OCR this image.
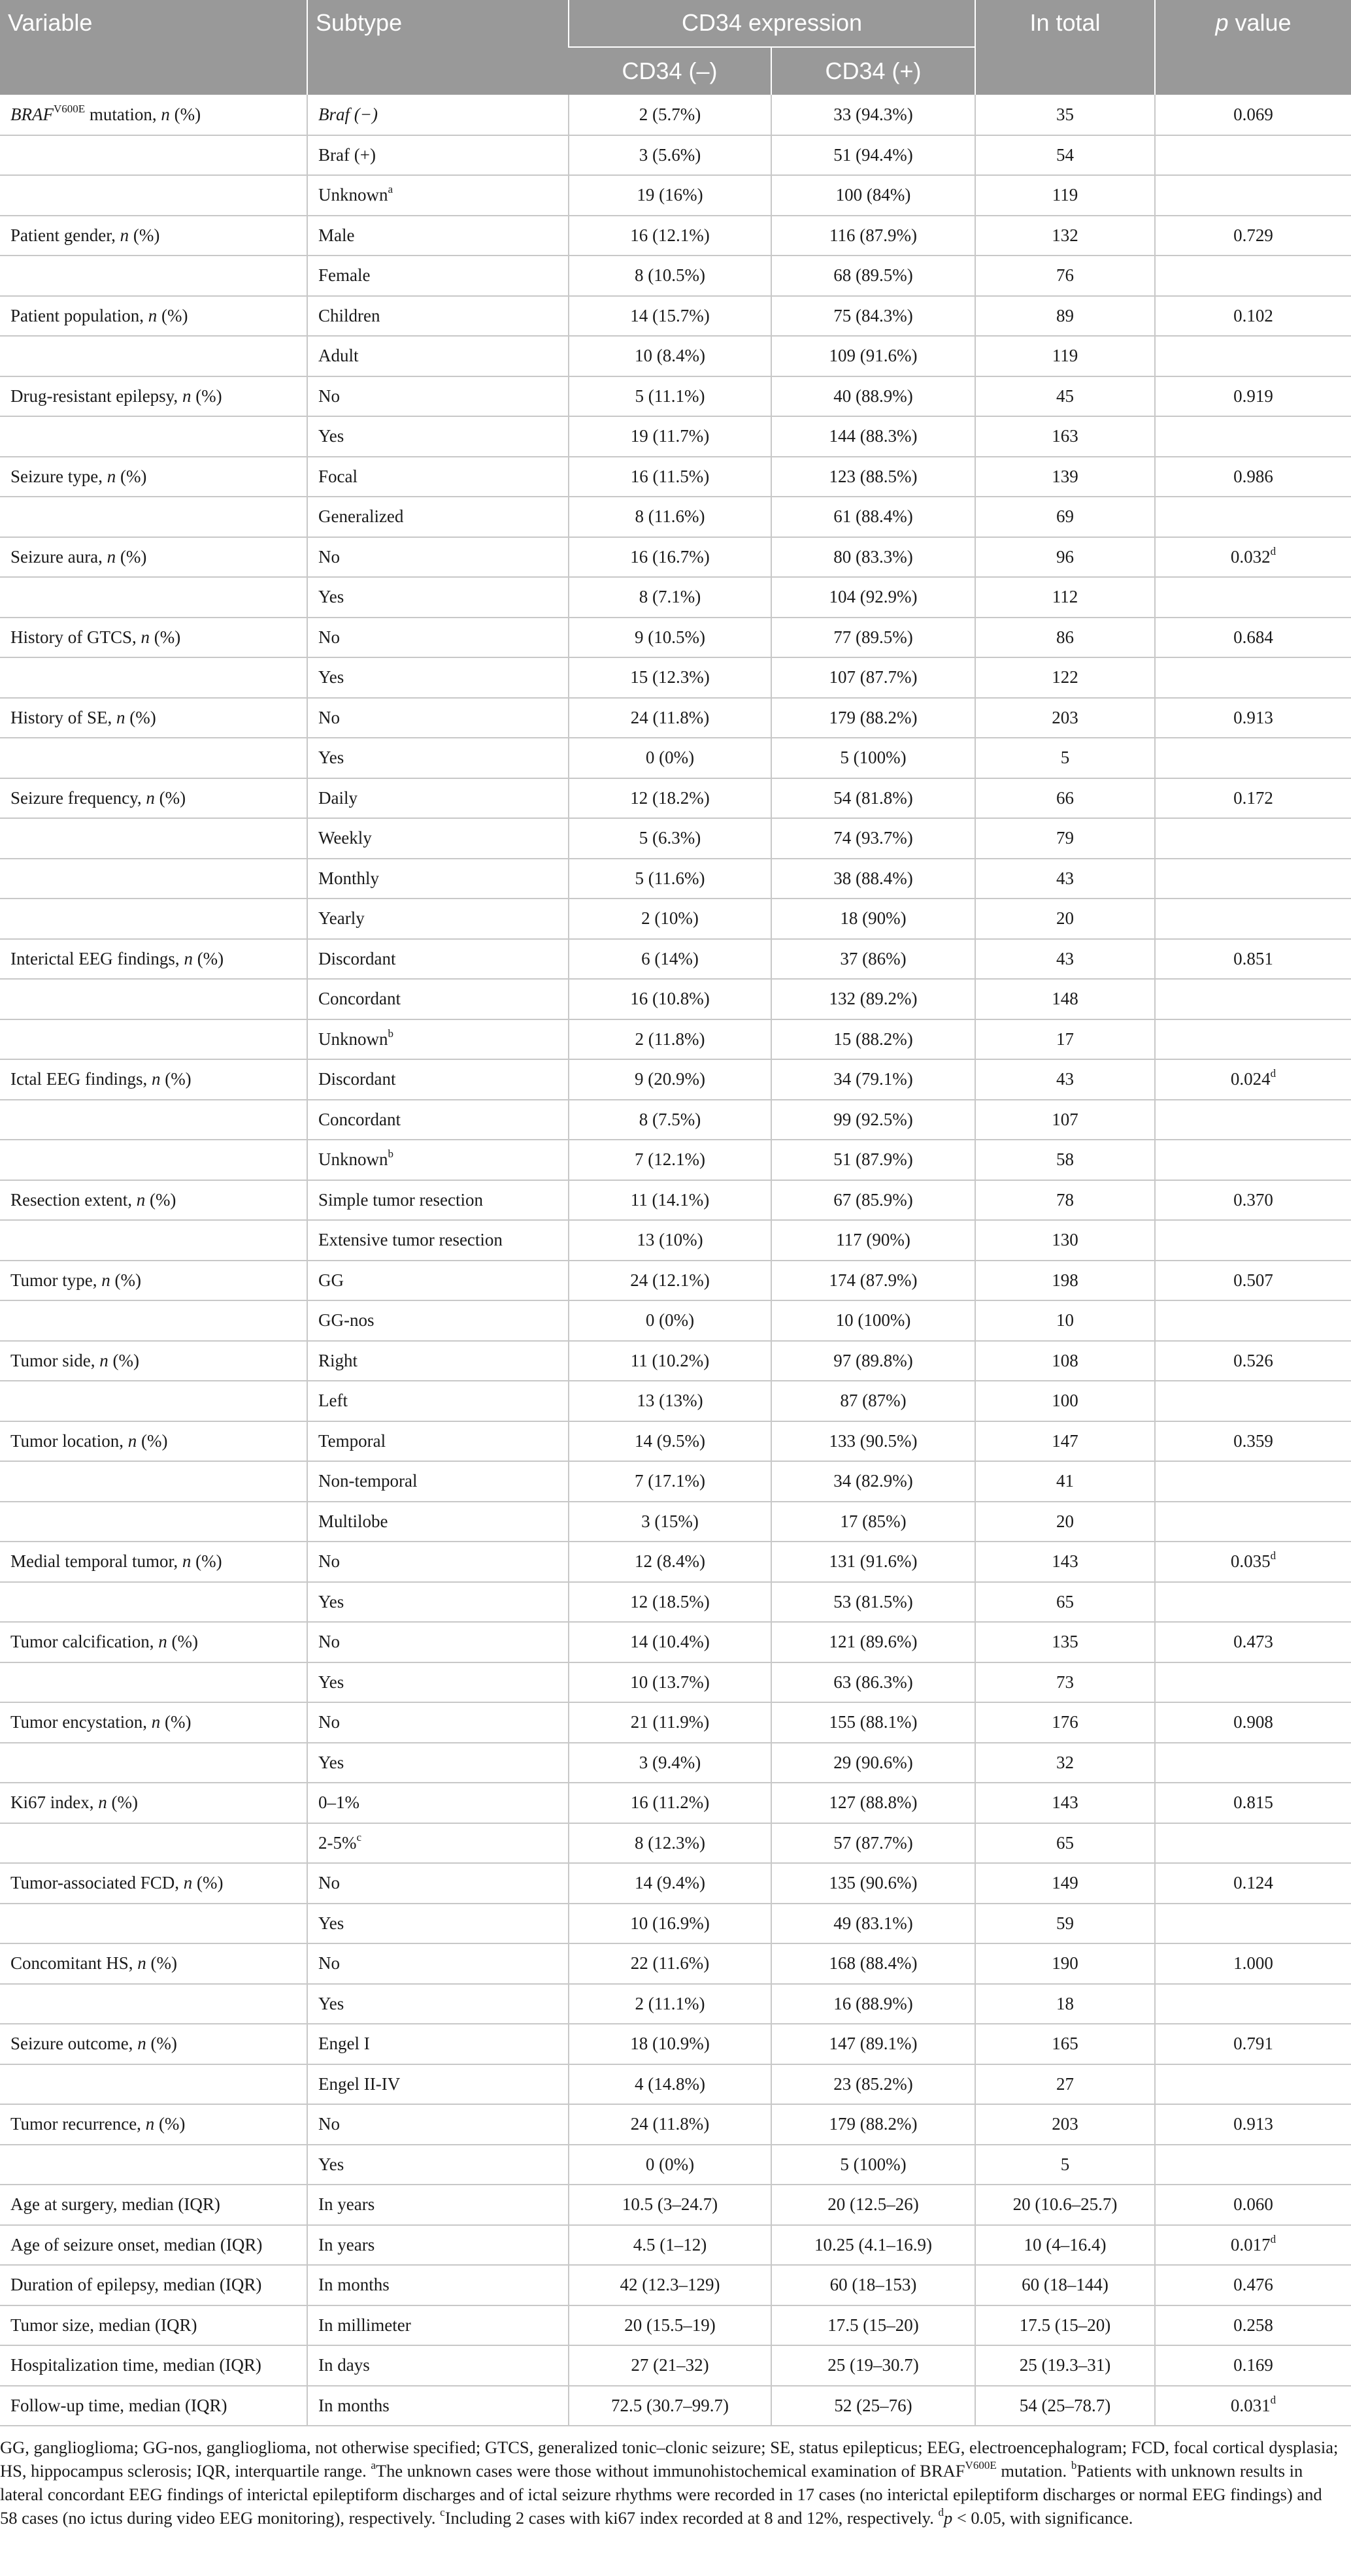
Variable	Subtype	CD34 expression		In total	p value
		CD34 (–)	CD34 (+)		
$BRAF^{V600E}$ mutation, n (%)	Braf (−)	2 (5.7%)	33 (94.3%)	35	0.069
	Braf (+)	3 (5.6%)	51 (94.4%)	54	
	Unknown$^a$	19 (16%)	100 (84%)	119	
Patient gender, n (%)	Male	16 (12.1%)	116 (87.9%)	132	0.729
	Female	8 (10.5%)	68 (89.5%)	76	
Patient population, n (%)	Children	14 (15.7%)	75 (84.3%)	89	0.102
	Adult	10 (8.4%)	109 (91.6%)	119	
Drug-resistant epilepsy, n (%)	No	5 (11.1%)	40 (88.9%)	45	0.919
	Yes	19 (11.7%)	144 (88.3%)	163	
Seizure type, n (%)	Focal	16 (11.5%)	123 (88.5%)	139	0.986
	Generalized	8 (11.6%)	61 (88.4%)	69	
Seizure aura, n (%)	No	16 (16.7%)	80 (83.3%)	96	0.032$^d$
	Yes	8 (7.1%)	104 (92.9%)	112	
History of GTCS, n (%)	No	9 (10.5%)	77 (89.5%)	86	0.684
	Yes	15 (12.3%)	107 (87.7%)	122	
History of SE, n (%)	No	24 (11.8%)	179 (88.2%)	203	0.913
	Yes	0 (0%)	5 (100%)	5	
Seizure frequency, n (%)	Daily	12 (18.2%)	54 (81.8%)	66	0.172
	Weekly	5 (6.3%)	74 (93.7%)	79	
	Monthly	5 (11.6%)	38 (88.4%)	43	
	Yearly	2 (10%)	18 (90%)	20	
Interictal EEG findings, n (%)	Discordant	6 (14%)	37 (86%)	43	0.851
	Concordant	16 (10.8%)	132 (89.2%)	148	
	Unknown$^b$	2 (11.8%)	15 (88.2%)	17	
Ictal EEG findings, n (%)	Discordant	9 (20.9%)	34 (79.1%)	43	0.024$^d$
	Concordant	8 (7.5%)	99 (92.5%)	107	
	Unknown$^b$	7 (12.1%)	51 (87.9%)	58	
Resection extent, n (%)	Simple tumor resection	11 (14.1%)	67 (85.9%)	78	0.370
	Extensive tumor resection	13 (10%)	117 (90%)	130	
Tumor type, n (%)	GG	24 (12.1%)	174 (87.9%)	198	0.507
	GG-nos	0 (0%)	10 (100%)	10	
Tumor side, n (%)	Right	11 (10.2%)	97 (89.8%)	108	0.526
	Left	13 (13%)	87 (87%)	100	
Tumor location, n (%)	Temporal	14 (9.5%)	133 (90.5%)	147	0.359
	Non-temporal	7 (17.1%)	34 (82.9%)	41	
	Multilobe	3 (15%)	17 (85%)	20	
Medial temporal tumor, n (%)	No	12 (8.4%)	131 (91.6%)	143	0.035$^d$
	Yes	12 (18.5%)	53 (81.5%)	65	
Tumor calcification, n (%)	No	14 (10.4%)	121 (89.6%)	135	0.473
	Yes	10 (13.7%)	63 (86.3%)	73	
Tumor encystation, n (%)	No	21 (11.9%)	155 (88.1%)	176	0.908
	Yes	3 (9.4%)	29 (90.6%)	32	
Ki67 index, n (%)	0–1%	16 (11.2%)	127 (88.8%)	143	0.815
	2-5%$^c$	8 (12.3%)	57 (87.7%)	65	
Tumor-associated FCD, n (%)	No	14 (9.4%)	135 (90.6%)	149	0.124
	Yes	10 (16.9%)	49 (83.1%)	59	
Concomitant HS, n (%)	No	22 (11.6%)	168 (88.4%)	190	1.000
	Yes	2 (11.1%)	16 (88.9%)	18	
Seizure outcome, n (%)	Engel I	18 (10.9%)	147 (89.1%)	165	0.791
	Engel II-IV	4 (14.8%)	23 (85.2%)	27	
Tumor recurrence, n (%)	No	24 (11.8%)	179 (88.2%)	203	0.913
	Yes	0 (0%)	5 (100%)	5	
Age at surgery, median (IQR)	In years	10.5 (3–24.7)	20 (12.5–26)	20 (10.6–25.7)	0.060
Age of seizure onset, median (IQR)	In years	4.5 (1–12)	10.25 (4.1–16.9)	10 (4–16.4)	0.017$^d$
Duration of epilepsy, median (IQR)	In months	42 (12.3–129)	60 (18–153)	60 (18–144)	0.476
Tumor size, median (IQR)	In millimeter	20 (15.5–19)	17.5 (15–20)	17.5 (15–20)	0.258
Hospitalization time, median (IQR)	In days	27 (21–32)	25 (19–30.7)	25 (19.3–31)	0.169
Follow-up time, median (IQR)	In months	72.5 (30.7–99.7)	52 (25–76)	54 (25–78.7)	0.031$^d$

GG, ganglioglioma; GG-nos, ganglioglioma, not otherwise specified; GTCS, generalized tonic–clonic seizure; SE, status epilepticus; EEG, electroencephalogram; FCD, focal cortical dysplasia;

HS, hippocampus sclerosis; IQR, interquartile range. $^a$The unknown cases were those without immunohistochemical examination of $BRAF^{V600E}$ mutation. $^b$Patients with unknown results in

lateral concordant EEG findings of interictal epileptiform discharges and of ictal seizure rhythms were recorded in 17 cases (no interictal epileptiform discharges or normal EEG findings) and

58 cases (no ictus during video EEG monitoring), respectively. $^c$Including 2 cases with ki67 index recorded at 8 and 12%, respectively. $^d$p < 0.05, with significance.
